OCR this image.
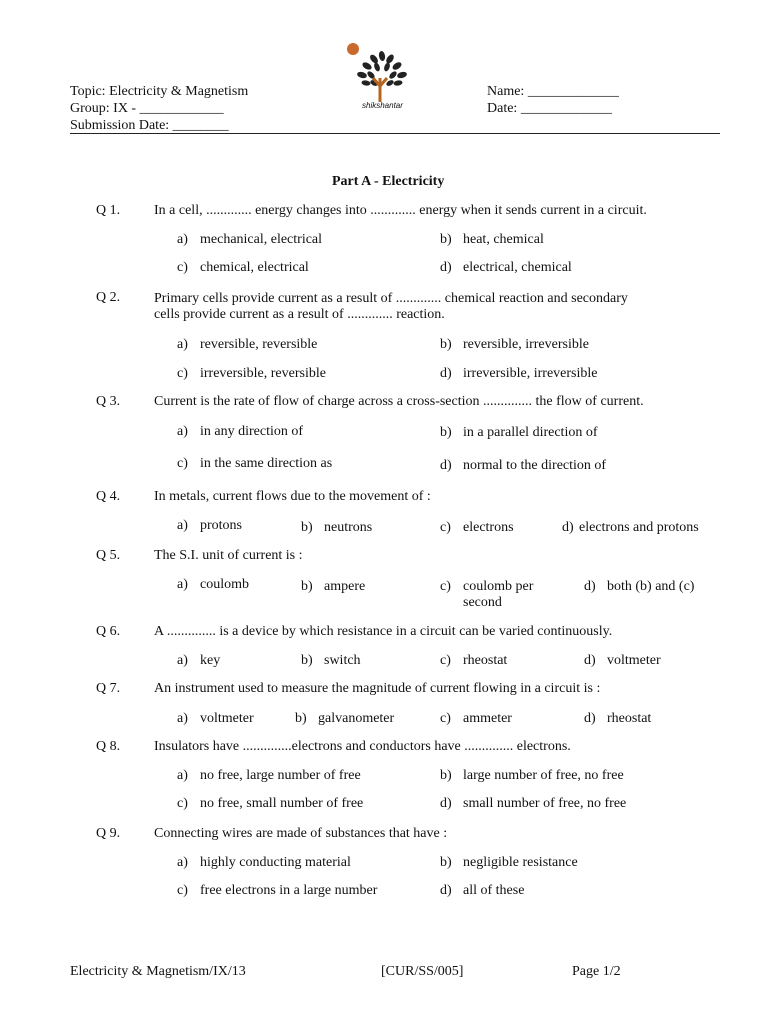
Topic: Electricity & Magnetism
Group: IX - ____________
Submission Date: ________
Name: _____________
Date: _____________
shikshantar
Part A - Electricity
Q 1. In a cell, ............. energy changes into ............. energy when it sends current in a circuit.
a) mechanical, electrical	b) heat, chemical
c) chemical, electrical	d) electrical, chemical
Q 2. Primary cells provide current as a result of ............. chemical reaction and secondary
cells provide current as a result of ............. reaction.
a) reversible, reversible	b) reversible, irreversible
c) irreversible, reversible	d) irreversible, irreversible
Q 3. Current is the rate of flow of charge across a cross-section .............. the flow of current.
a) in any direction of	b) in a parallel direction of
c) in the same direction as	d) normal to the direction of
Q 4. In metals, current flows due to the movement of :
a) protons	b) neutrons	c) electrons	d) electrons and protons
Q 5. The S.I. unit of current is :
a) coulomb	b) ampere	c) coulomb per
second
d) both (b) and (c)
Q 6. A .............. is a device by which resistance in a circuit can be varied continuously.
a) key	b) switch	c) rheostat	d) voltmeter
Q 7. An instrument used to measure the magnitude of current flowing in a circuit is :
a) voltmeter	b) galvanometer	c) ammeter	d) rheostat
Q 8. Insulators have ..............electrons and conductors have .............. electrons.
a) no free, large number of free	b) large number of free, no free
c) no free, small number of free	d) small number of free, no free
Q 9. Connecting wires are made of substances that have :
a) highly conducting material	b) negligible resistance
c) free electrons in a large number	d) all of these
Electricity & Magnetism/IX/13	[CUR/SS/005]	Page 1/2
